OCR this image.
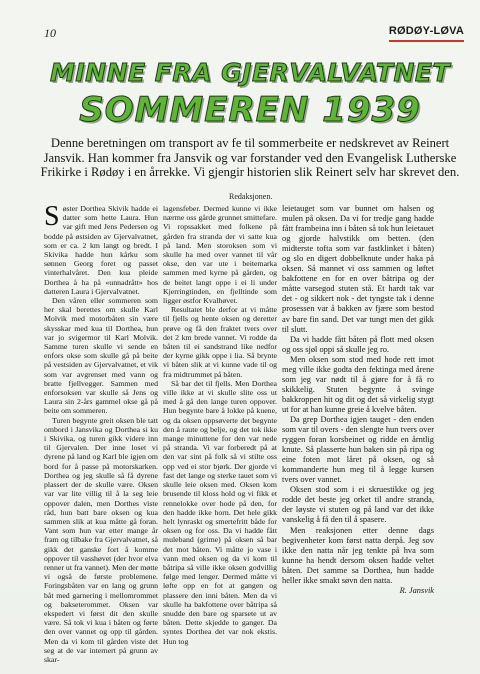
10	RØDØY-LØVA
MINNE FRA GJERVALVATNET
SOMMEREN 1939
Denne beretningen om transport av fe til sommerbeite er nedskrevet av Reinert Jansvik. Han kommer fra Jansvik og var forstander ved den Evangelisk Lutherske Frikirke i Rødøy i en årrekke. Vi gjengir historien slik Reinert selv har skrevet den.
Redaksjonen.

Søster Dorthea Skivik hadde ei datter som hette Laura. Hun var gift med Jens Pedersen og bodde på østsiden av Gjervalvatnet, som er ca. 2 km langt og bredt. I Skivika hadde hun kårku som sønnen Georg foret og passet vinterhalvåret. Den kua pleide Dorthea å ha på «unnadrått» hos datteren Laura i Gjervalvatnet.

Den våren eller sommeren som her skal berettes om skulle Karl Molvik med motorbåten sin være skysskar med kua til Dorthea, hun var jo svigermor til Karl Molvik. Samme turen skulle vi sende en enfors okse som skulle gå på beite på vestsiden av Gjervalvatnet, et vik som var avgrenset med vann og bratte fjellvegger. Sammen med enforsoksen var skulle så Jens og Laura sin 2-års gammel okse gå på beite om sommeren.

Turen begynte greit oksen ble tatt ombord i Jansvika og Dorthea si ku i Skivika, og turen gikk videre inn til Gjervalen. Der inne loset vi dyrene på land og Karl ble igjen om bord for å passe på motorskarken. Dorthea og jeg skulle så få dyrene plassert der de skulle være. Oksen var var lite villig til å la seg leie oppover dalen, men Dorthes viste råd, hun batt bare oksen og kua sammen slik at kua måtte gå foran. Vant som hun var etter mange år fram og tilbake fra Gjervalvatnet, så gikk det ganske fort å komme oppover til vasshøvet (der hvor elva renner ut fra vannet). Men der møtte vi også de første problemene. Foringsbåten var en lang og grunn båt med garnering i mellomrommet og bakseterommet. Oksen var ekspedert vi først dit den skulle være. Så tok vi kua i båten og førte den over vannet og opp til gården. Men da vi kom til gården viste det seg at de var internert på grunn av skar-

lagensfeber. Dermed kunne vi ikke nærme oss gårde grunnet smittefare. Vi ropssakket med folkene på gården fra stranda der vi satte kua på land. Men storoksen som vi skulle ha med over vannet til vår okse, den var ute i beitemarka sammen med kyrne på gården, og de beitet langt oppe i ei li under Kjerringtinden, en fjelltinde som ligger østfor Kvalhøvet.

Resultatet ble derfor at vi måtte til fjells og hente oksen og deretter prøve og få den fraktet tvers over det 2 km brede vannet. Vi rodde da båten til ei sandstrand like nedfor der kyrne gikk oppe i lia. Så brynte vi båten slik at vi kunne vade til og fra midtrummet på båten.

Så bar det til fjells. Men Dorthea ville ikke at vi skulle slite oss ut med å gå den lange turen oppover. Hun begynte bare å lokke på kuene, og da oksen oppsøverte det begynte den å raute og belje, og det tok ikke mange minuttene for den var nede på stranda. Vi var forberedt på at den var sint på folk så vi stilte oss opp ved ei stor bjørk. Der gjorde vi fast det lange og sterke tauet som vi skulle leie oksen med. Oksen kom brusende til kloss hold og vi fikk et rennelokke over hode på den, for den hadde ikke horn. Det hele gikk helt lynraskt og smertefritt både for oksen og for oss. Da vi hadde fått muleband (grime) på oksen så bar det mot båten. Vi måtte jo vase i vann med oksen og da vi kom til båtripa så ville ikke oksen godvillig følge med lenger. Dermed måtte vi løfte opp en fot at gangen og plassere den inni båten. Men da vi skulle ha bakfottene over båtripa så snudde den bare og sparsete ut av båten. Dette skjedde to ganger. Da syntes Dorthea det var nok ekstis. Hun tog

leietauget som var bunnet om halsen og mulen på oksen. Da vi for tredje gang hadde fått frambeina inn i båten så tok hun leietauet og gjorde halvstikk om betten. (den midterste tofta som var fastklinket i båten) og slo en digert dobbelknute under haka på oksen. Så mannet vi oss sammen og løftet bakfottene en for en over båtripa og der måtte varsegod stuten stå. Et hardt tak var det - og sikkert nok - det tyngste tak i denne prosessen var å bakken av fjære som bestod av bare fin sand. Det var tungt men det gikk til slutt.

Da vi hadde fått båten på flott med oksen og oss sjøl oppi så skulle jeg ro.

Men oksen som stod med hode rett imot meg ville ikke godta den fektinga med årene som jeg var nødt til å gjøre for å få ro skikkelig. Stuten begynte å svinge bakkroppen hit og dit og det så virkelig stygt ut for at han kunne greie å kvelve båten.

Da grep Dorthea igjen tauget - den enden som var til overs - den slengte hun tvers over ryggen foran korsbeinet og ridde en årntlig knute. Så plasserte hun baken sin på ripa og eine foten mot låret på oksen, og så kommanderte hun meg til å legge kursen tvers over vannet.

Oksen stod som i ei skruestikke og jeg rodde det beste jeg orket til andre stranda, der løyste vi stuten og på land var det ikke vanskelig å få den til å spasere.

Men reaksjonen etter denne dags begivenheter kom først natta derpå. Jeg sov ikke den natta når jeg tenkte på hva som kunne ha hendt dersom oksen hadde veltet båten. Det samme sa Dorthea, hun hadde heller ikke smakt søvn den natta.

R. Jansvik
